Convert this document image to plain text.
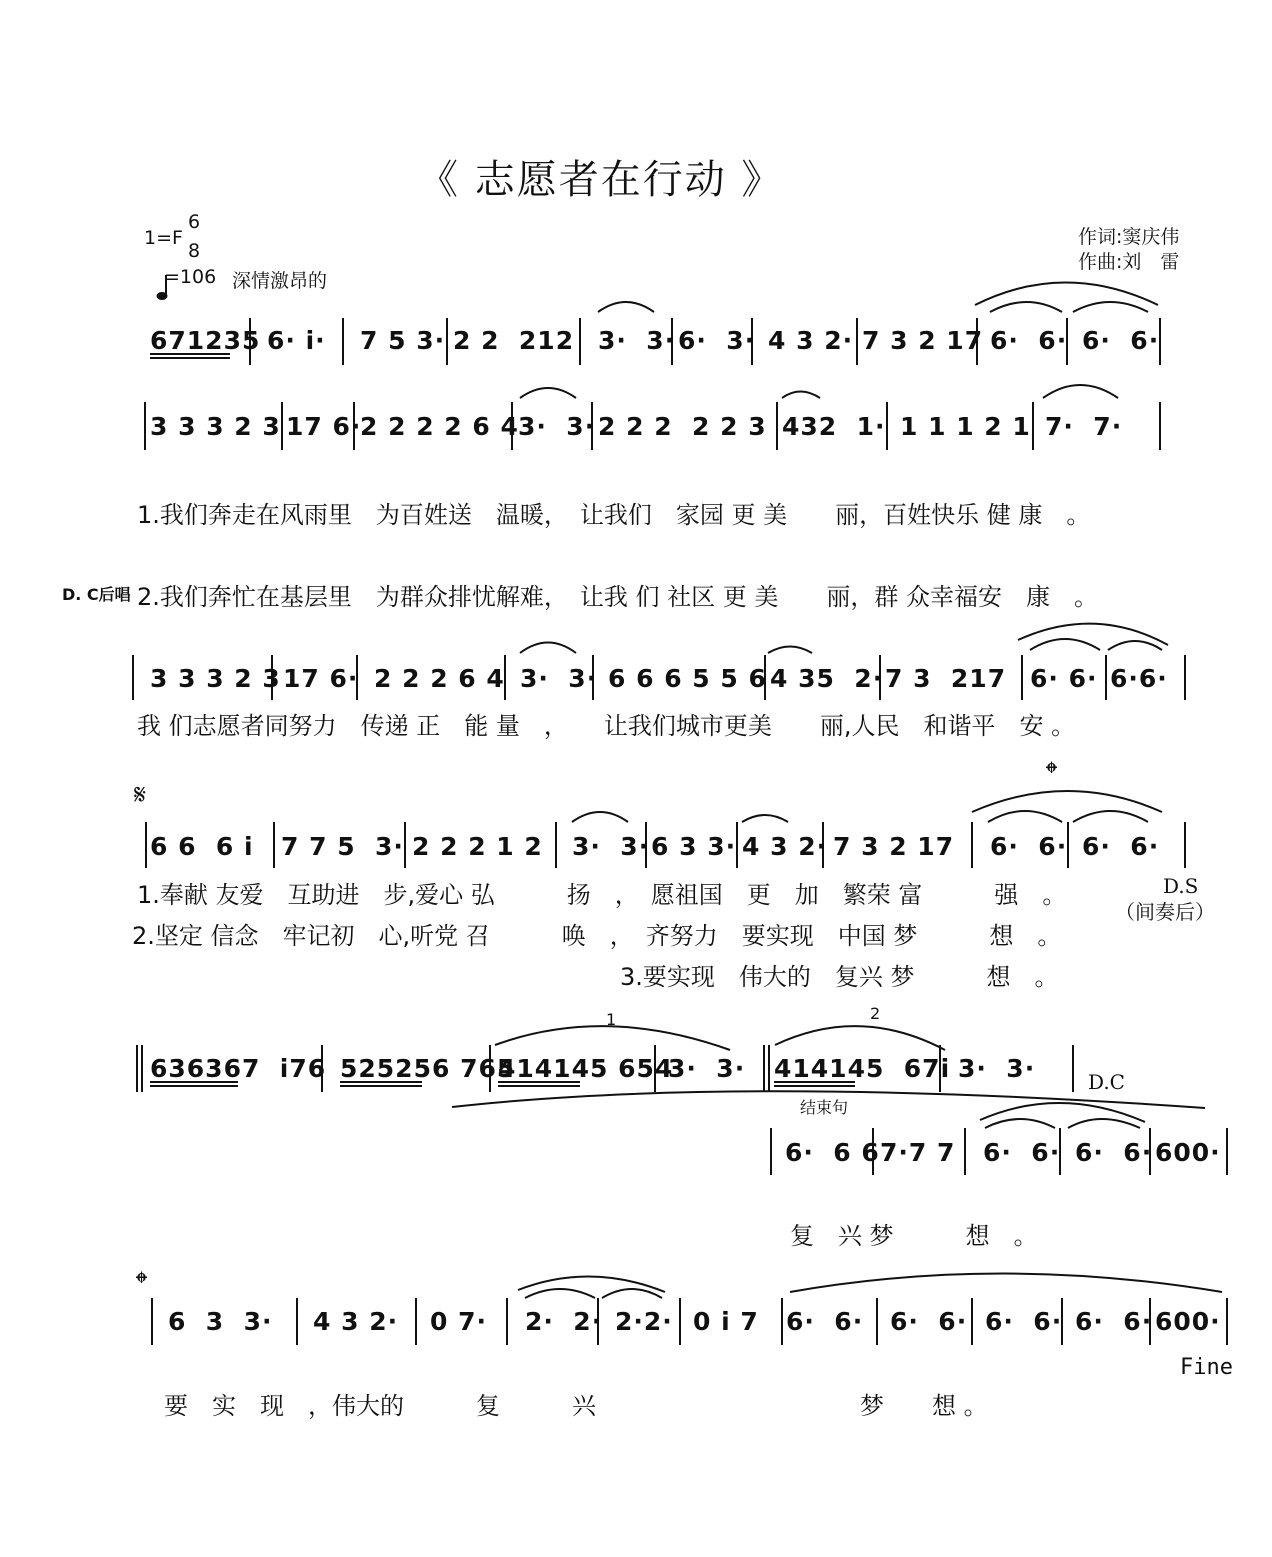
《 志愿者在行动 》
1=F
6
8

=106 深情激昂的
作词:窦庆伟
作曲:刘　雷
671235 6· i· 7 5 3· 2 2  212 3·  3· 6·  3· 4 3 2· 7 3 2 17 6·  6· 6·  6·
3 3 3 2 3 17 6·
2 2 2 2 6 4 3·  3· 2 2 2  2 2 3 432  1· 1 1 1 2 1 7·  7·
1.我们奔走在风雨里　为百姓送　温暖，　让我们　家园 更 美　　丽，百姓快乐 健 康　。
D. C后唱 2.我们奔忙在基层里　为群众排忧解难，　让我 们 社区 更 美　　丽，群 众幸福安　康　。
3 3 3 2 3 17 6· 2 2 2 6 4 3·  3· 6 6 6 5 5 6 4 35  2· 7 3  217 6· 6· 6·6·
我 们志愿者同努力　传递 正　能 量　，　　让我们城市更美　　丽,人民　和谐平　安 。
𝄋
𝄌
6 6  6 i 7 7 5  3· 2 2 2 1 2 3·  3· 6 3 3· 4 3 2· 7 3 2 17 6·  6· 6·  6·
1.奉献 友爱　互助进　步,爱心 弘　　　扬　，　愿祖国　更　加　繁荣 富　　　强　。
2.坚定 信念　牢记初　心,听党 召　　　唤　，　齐努力　要实现　中国 梦　　　想　。
3.要实现　伟大的　复兴 梦　　　想　。
D.S
（间奏后）
1	2
636367  i76 525256 765
414145 654
3·  3· 414145  67i 3·  3·
结束句
D.C
6·  6 6 7·7 7 6·  6· 6·  6· 600·
复　兴 梦　　　想　。
𝄌
6  3  3· 4 3 2· 0 7· 2·  2· 2·2· 0 i 7 6·  6· 6·  6· 6·  6· 6·  6· 600·
Fine
要　实　现　，伟大的　　　复　　　兴　　　　　　　　　　　梦　　想 。
